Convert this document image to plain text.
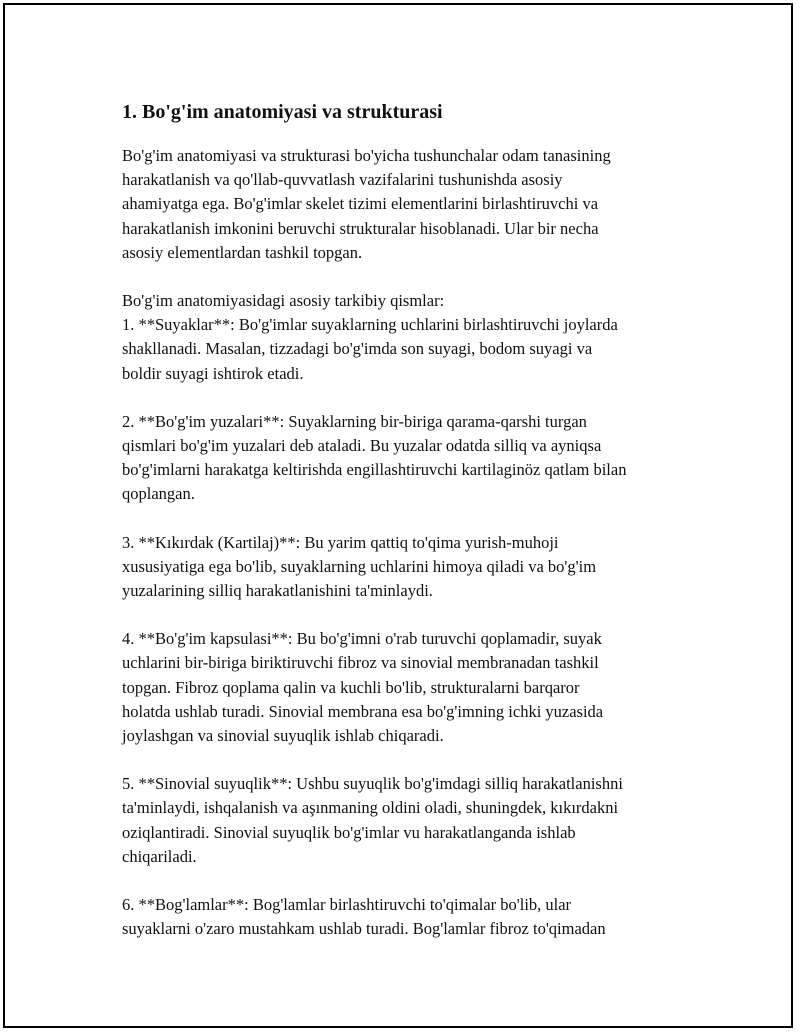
1. Bo'g'im anatomiyasi va strukturasi

Bo'g'im anatomiyasi va strukturasi bo'yicha tushunchalar odam tanasining
harakatlanish va qo'llab-quvvatlash vazifalarini tushunishda asosiy
ahamiyatga ega. Bo'g'imlar skelet tizimi elementlarini birlashtiruvchi va
harakatlanish imkonini beruvchi strukturalar hisoblanadi. Ular bir necha
asosiy elementlardan tashkil topgan.

Bo'g'im anatomiyasidagi asosiy tarkibiy qismlar:
1. **Suyaklar**: Bo'g'imlar suyaklarning uchlarini birlashtiruvchi joylarda
shakllanadi. Masalan, tizzadagi bo'g'imda son suyagi, bodom suyagi va
boldir suyagi ishtirok etadi.

2. **Bo'g'im yuzalari**: Suyaklarning bir-biriga qarama-qarshi turgan
qismlari bo'g'im yuzalari deb ataladi. Bu yuzalar odatda silliq va ayniqsa
bo'g'imlarni harakatga keltirishda engillashtiruvchi kartilaginöz qatlam bilan
qoplangan.

3. **Kıkırdak (Kartilaj)**: Bu yarim qattiq to'qima yurish-muhoji
xususiyatiga ega bo'lib, suyaklarning uchlarini himoya qiladi va bo'g'im
yuzalarining silliq harakatlanishini ta'minlaydi.

4. **Bo'g'im kapsulasi**: Bu bo'g'imni o'rab turuvchi qoplamadir, suyak
uchlarini bir-biriga biriktiruvchi fibroz va sinovial membranadan tashkil
topgan. Fibroz qoplama qalin va kuchli bo'lib, strukturalarni barqaror
holatda ushlab turadi. Sinovial membrana esa bo'g'imning ichki yuzasida
joylashgan va sinovial suyuqlik ishlab chiqaradi.

5. **Sinovial suyuqlik**: Ushbu suyuqlik bo'g'imdagi silliq harakatlanishni
ta'minlaydi, ishqalanish va aşınmaning oldini oladi, shuningdek, kıkırdakni
oziqlantiradi. Sinovial suyuqlik bo'g'imlar vu harakatlanganda ishlab
chiqariladi.

6. **Bog'lamlar**: Bog'lamlar birlashtiruvchi to'qimalar bo'lib, ular
suyaklarni o'zaro mustahkam ushlab turadi. Bog'lamlar fibroz to'qimadan
